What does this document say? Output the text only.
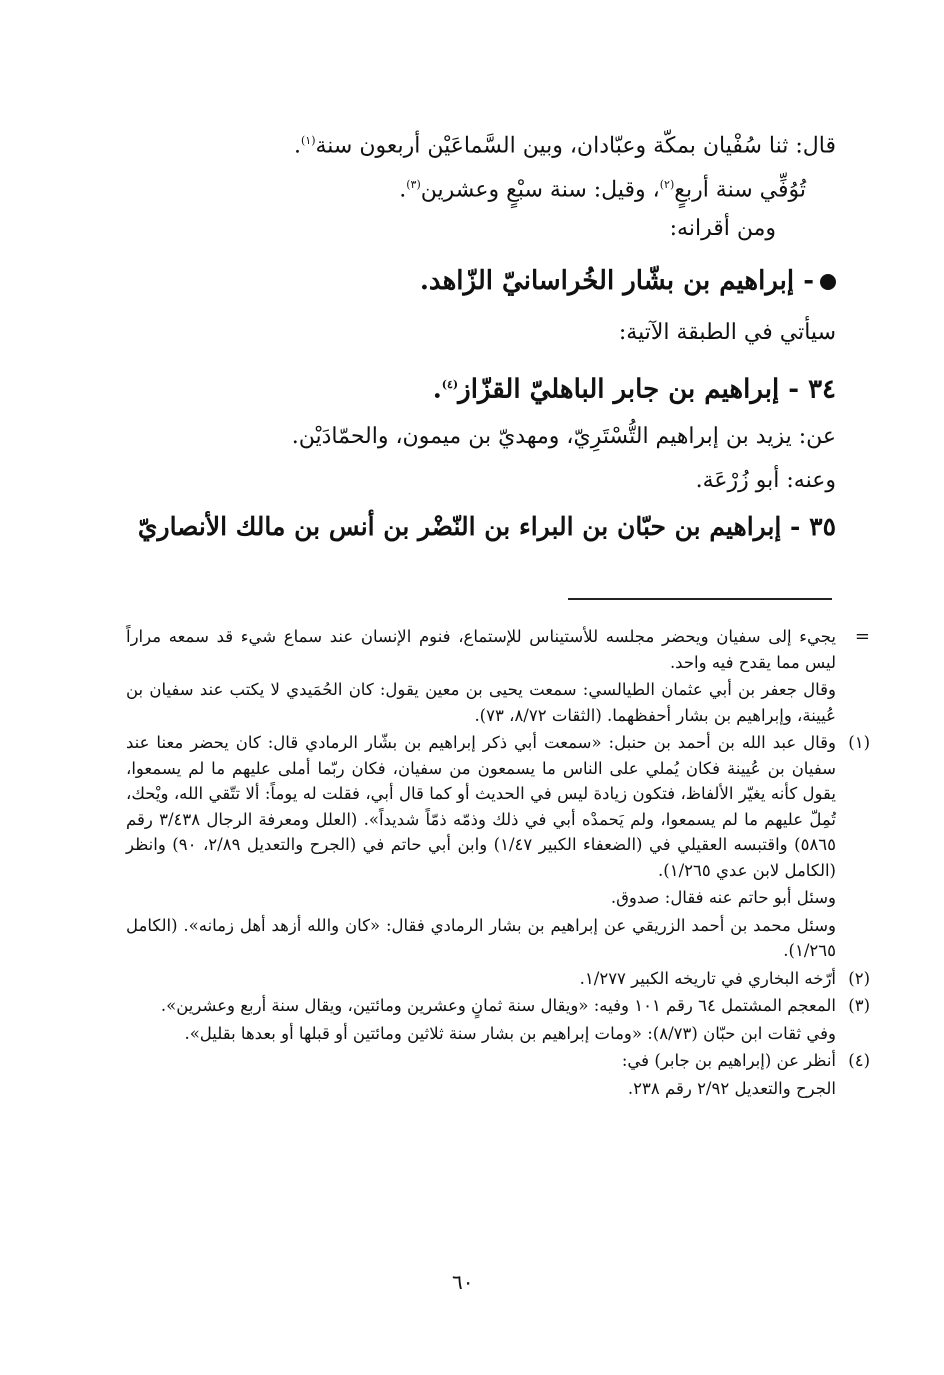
قال: ثنا سُفْيان بمكّة وعبّادان، وبين السَّماعَيْن أربعون سنة$^{(١)}$.
تُوُفِّي سنة أربعٍ$^{(٢)}$، وقيل: سنة سبْعٍ وعشرين$^{(٣)}$.
ومن أقرانه:
- إبراهيم بن بشّار الخُراسانيّ الزّاهد.
سيأتي في الطبقة الآتية:
٣٤ - إبراهيم بن جابر الباهليّ القزّاز$^{(٤)}$.
عن: يزيد بن إبراهيم التُّسْتَرِيّ، ومهديّ بن ميمون، والحمّادَيْن.
وعنه: أبو زُرْعَة.
٣٥ - إبراهيم بن حبّان بن البراء بن النّضْر بن أنس بن مالك الأنصاريّ
=
يجيء إلى سفيان ويحضر مجلسه للأستيناس للإستماع، فنوم الإنسان عند سماع شيء قد سمعه مراراً ليس مما يقدح فيه واحد.
وقال جعفر بن أبي عثمان الطيالسي: سمعت يحيى بن معين يقول: كان الحُمَيدي لا يكتب عند سفيان بن عُيينة، وإبراهيم بن بشار أحفظهما. (الثقات ٨/٧٢، ٧٣).
(١)
وقال عبد الله بن أحمد بن حنبل: «سمعت أبي ذكر إبراهيم بن بشّار الرمادي قال: كان يحضر معنا عند سفيان بن عُيينة فكان يُملي على الناس ما يسمعون من سفيان، فكان ربّما أملى عليهم ما لم يسمعوا، يقول كأنه يغيّر الألفاظ، فتكون زيادة ليس في الحديث أو كما قال أبي، فقلت له يوماً: ألا تتّقي الله، ويْحك، تُمِلّ عليهم ما لم يسمعوا، ولم يَحمدْه أبي في ذلك وذمّه ذمّاً شديداً». (العلل ومعرفة الرجال ٣/٤٣٨ رقم ٥٨٦٥) واقتبسه العقيلي في (الضعفاء الكبير ١/٤٧) وابن أبي حاتم في (الجرح والتعديل ٢/٨٩، ٩٠) وانظر (الكامل لابن عدي ١/٢٦٥).
وسئل أبو حاتم عنه فقال: صدوق.
وسئل محمد بن أحمد الزريقي عن إبراهيم بن بشار الرمادي فقال: «كان والله أزهد أهل زمانه». (الكامل ١/٢٦٥).
(٢)
أرّخه البخاري في تاريخه الكبير ١/٢٧٧.
(٣)
المعجم المشتمل ٦٤ رقم ١٠١ وفيه: «ويقال سنة ثمانٍ وعشرين ومائتين، ويقال سنة أربع وعشرين».
وفي ثقات ابن حبّان (٨/٧٣): «ومات إبراهيم بن بشار سنة ثلاثين ومائتين أو قبلها أو بعدها بقليل».
(٤)
أنظر عن (إبراهيم بن جابر) في:
الجرح والتعديل ٢/٩٢ رقم ٢٣٨.
٦٠
